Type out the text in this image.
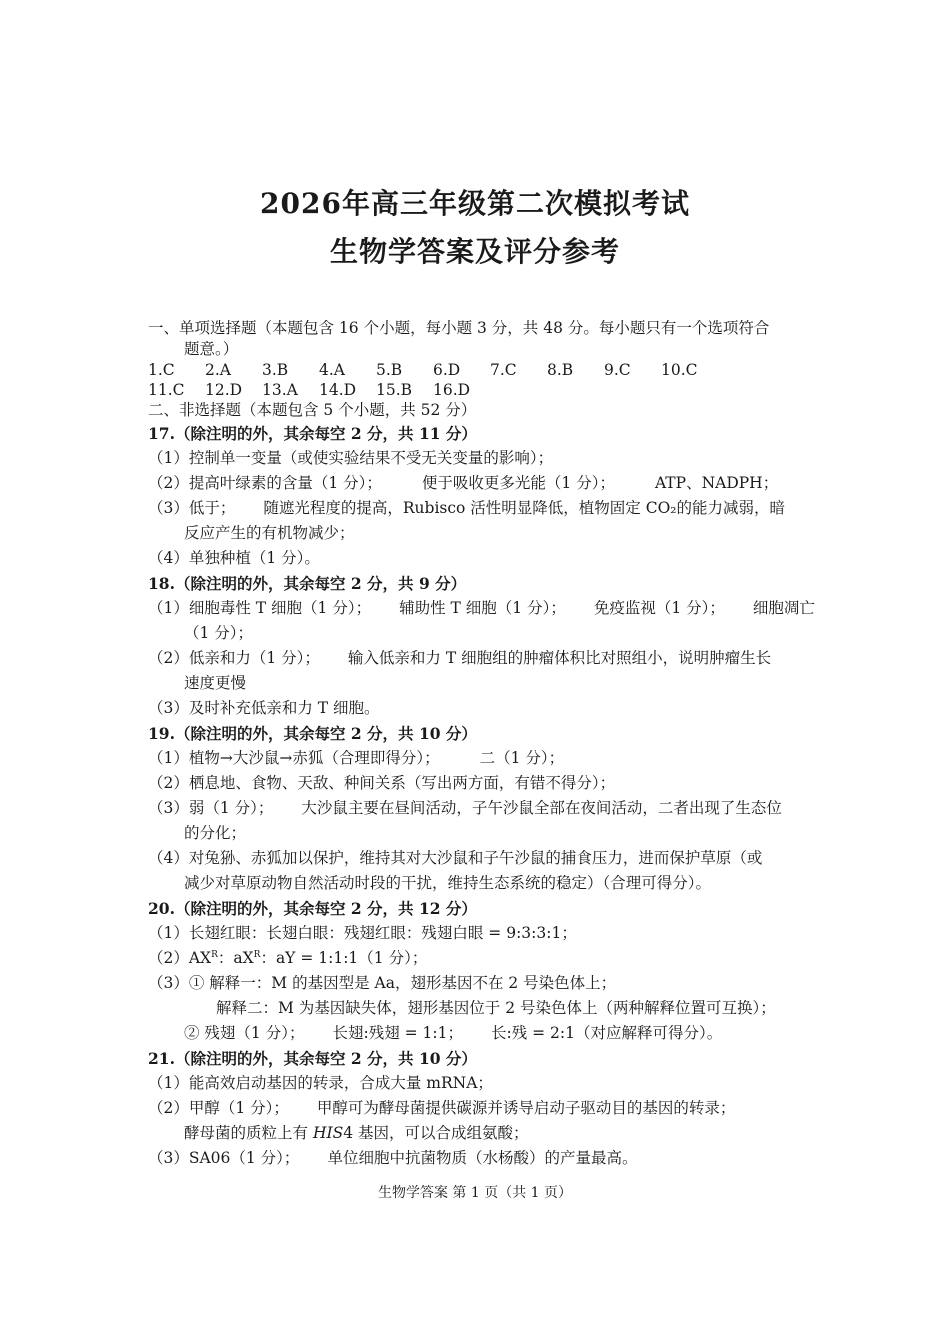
2026年高三年级第二次模拟考试
生物学答案及评分参考
一、单项选择题（本题包含 16 个小题，每小题 3 分，共 48 分。每小题只有一个选项符合
题意。）
1.C 2.A 3.B 4.A 5.B 6.D 7.C 8.B 9.C 10.C
11.C 12.D 13.A 14.D 15.B 16.D
二、非选择题（本题包含 5 个小题，共 52 分）
17.（除注明的外，其余每空 2 分，共 11 分）
（1）控制单一变量（或使实验结果不受无关变量的影响）；
（2）提高叶绿素的含量（1 分）；	便于吸收更多光能（1 分）；	ATP、NADPH；
（3）低于； 随遮光程度的提高，Rubisco 活性明显降低，植物固定 CO₂的能力减弱，暗
反应产生的有机物减少；
（4）单独种植（1 分）。
18.（除注明的外，其余每空 2 分，共 9 分）
（1）细胞毒性 T 细胞（1 分）； 辅助性 T 细胞（1 分）； 免疫监视（1 分）； 细胞凋亡
（1 分）；
（2）低亲和力（1 分）； 输入低亲和力 T 细胞组的肿瘤体积比对照组小，说明肿瘤生长
速度更慢
（3）及时补充低亲和力 T 细胞。
19.（除注明的外，其余每空 2 分，共 10 分）
（1）植物→大沙鼠→赤狐（合理即得分）；	二（1 分）；
（2）栖息地、食物、天敌、种间关系（写出两方面，有错不得分）；
（3）弱（1 分）； 大沙鼠主要在昼间活动，子午沙鼠全部在夜间活动，二者出现了生态位
的分化；
（4）对兔狲、赤狐加以保护，维持其对大沙鼠和子午沙鼠的捕食压力，进而保护草原（或
减少对草原动物自然活动时段的干扰，维持生态系统的稳定）（合理可得分）。
20.（除注明的外，其余每空 2 分，共 12 分）
（1）长翅红眼：长翅白眼：残翅红眼：残翅白眼 = 9:3:3:1；
$(2)AX^R$：$aX^R$：aY = 1:1:1（1 分）；
（3）① 解释一：M 的基因型是 Aa，翅形基因不在 2 号染色体上；
解释二：M 为基因缺失体，翅形基因位于 2 号染色体上（两种解释位置可互换）；
② 残翅（1 分）； 长翅:残翅 = 1:1； 长:残 = 2:1（对应解释可得分）。
21.（除注明的外，其余每空 2 分，共 10 分）
（1）能高效启动基因的转录，合成大量 mRNA；
（2）甲醇（1 分）； 甲醇可为酵母菌提供碳源并诱导启动子驱动目的基因的转录；
酵母菌的质粒上有 HIS4 基因，可以合成组氨酸；
（3）SA06（1 分）； 单位细胞中抗菌物质（水杨酸）的产量最高。
生物学答案 第 1 页（共 1 页）
